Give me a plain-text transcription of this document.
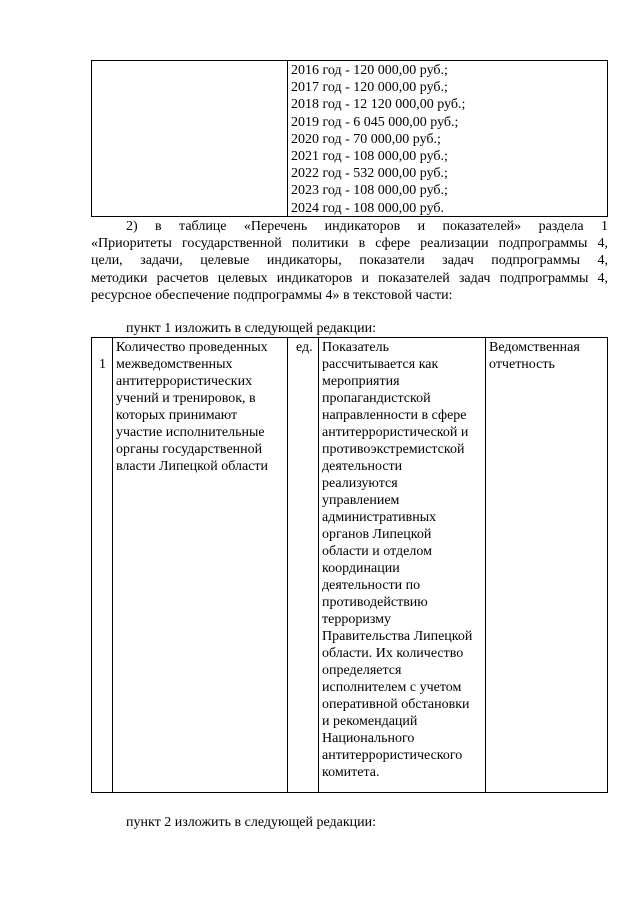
2016 год - 120 000,00 руб.;
2017 год - 120 000,00 руб.;
2018 год - 12 120 000,00 руб.;
2019 год - 6 045 000,00 руб.;
2020 год - 70 000,00 руб.;
2021 год - 108 000,00 руб.;
2022 год - 532 000,00 руб.;
2023 год - 108 000,00 руб.;
2024 год - 108 000,00 руб.
2) в таблице «Перечень индикаторов и показателей» раздела 1
«Приоритеты государственной политики в сфере реализации подпрограммы 4,
цели, задачи, целевые индикаторы, показатели задач подпрограммы 4,
методики расчетов целевых индикаторов и показателей задач подпрограммы 4,
ресурсное обеспечение подпрограммы 4» в текстовой части:
пункт 1 изложить в следующей редакции:
1
Количество проведенных
межведомственных
антитеррористических
учений и тренировок, в
которых принимают
участие исполнительные
органы государственной
власти Липецкой области
ед. Показатель
рассчитывается как
мероприятия
пропагандистской
направленности в сфере
антитеррористической и
противоэкстремистской
деятельности
реализуются
управлением
административных
органов Липецкой
области и отделом
координации
деятельности по
противодействию
терроризму
Правительства Липецкой
области. Их количество
определяется
исполнителем с учетом
оперативной обстановки
и рекомендаций
Национального
антитеррористического
комитета.
Ведомственная
отчетность
пункт 2 изложить в следующей редакции:
